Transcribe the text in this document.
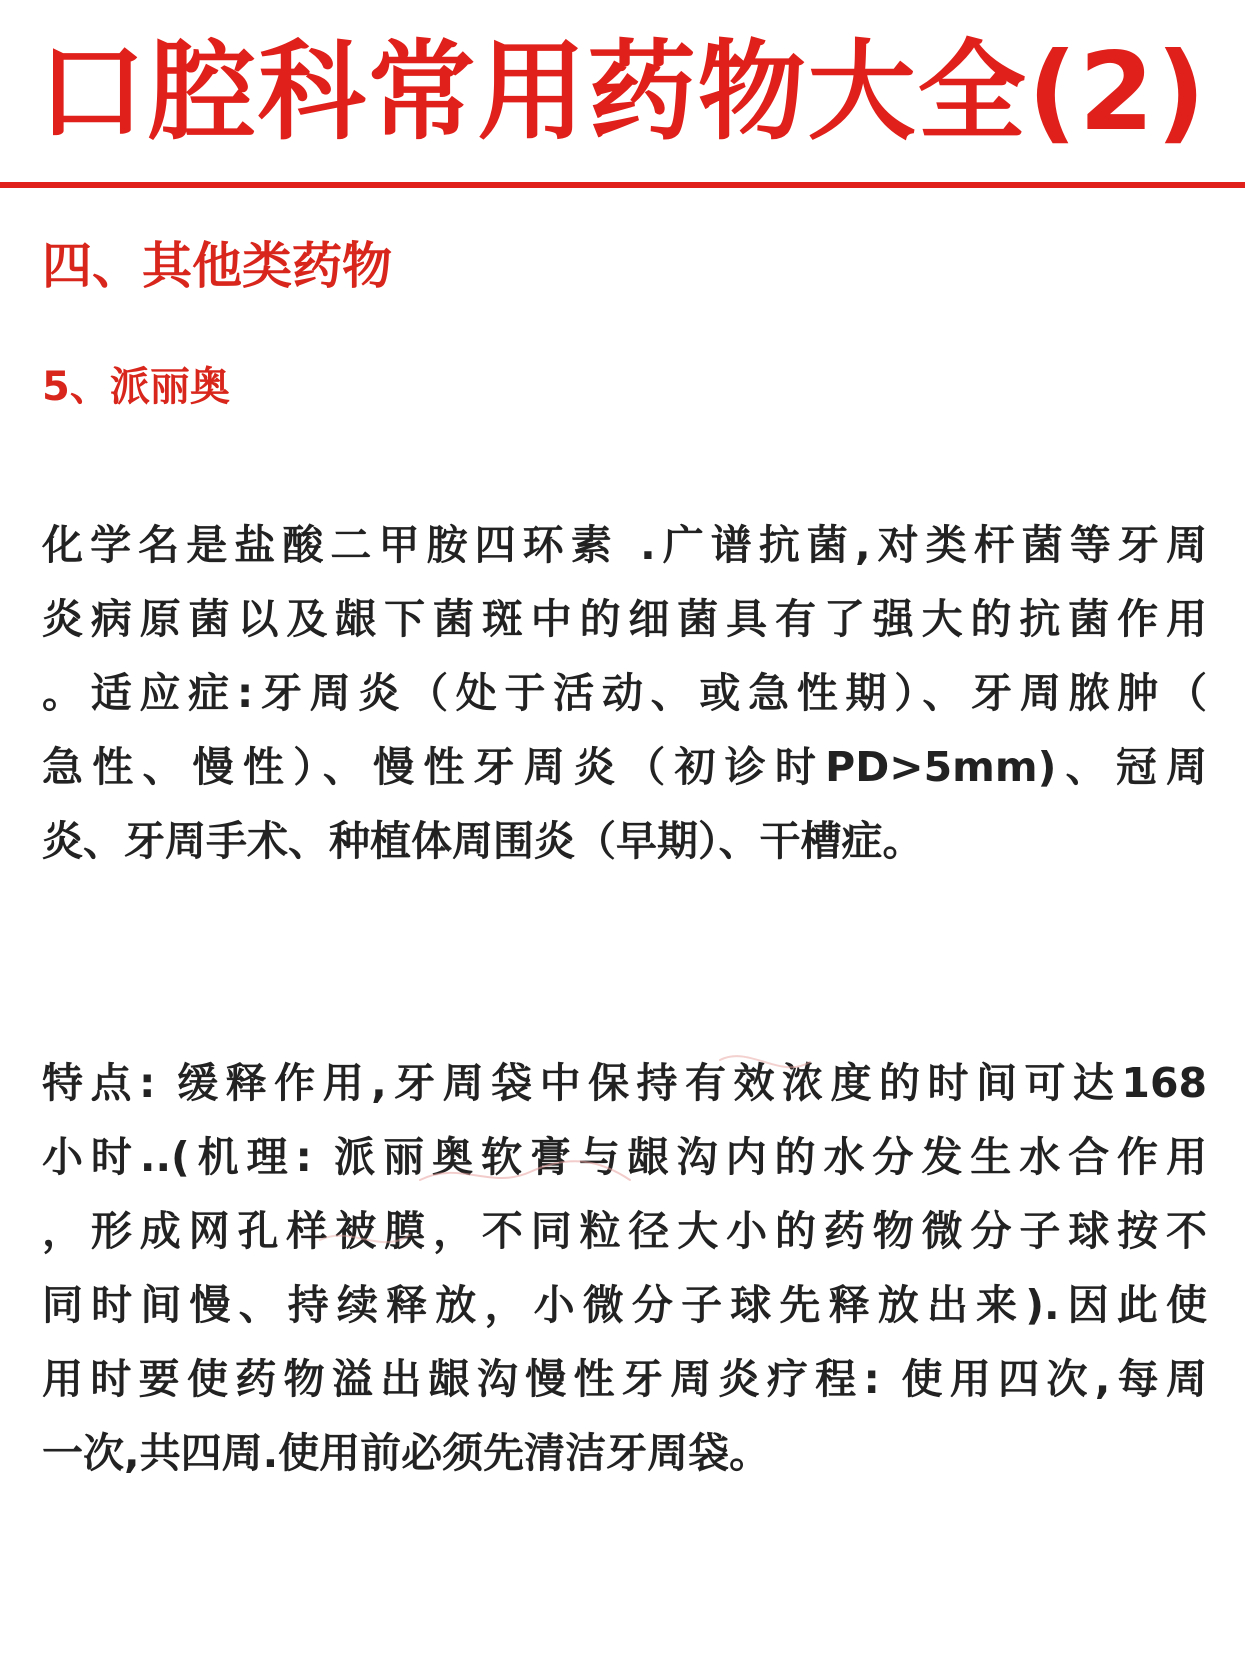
口腔科常用药物大全(2)
四、其他类药物
5、派丽奥
化学名是盐酸二甲胺四环素 .广谱抗菌,对类杆菌等牙周
炎病原菌以及龈下菌斑中的细菌具有了强大的抗菌作用
。适应症:牙周炎（处于活动、或急性期）、牙周脓肿（
急性、慢性）、慢性牙周炎（初诊时PD>5mm)、冠周
炎、牙周手术、种植体周围炎（早期）、干槽症。
特点: 缓释作用,牙周袋中保持有效浓度的时间可达168
小时..(机理: 派丽奥软膏与龈沟内的水分发生水合作用
，形成网孔样被膜，不同粒径大小的药物微分子球按不
同时间慢、持续释放，小微分子球先释放出来).因此使
用时要使药物溢出龈沟慢性牙周炎疗程: 使用四次,每周
一次,共四周.使用前必须先清洁牙周袋。
